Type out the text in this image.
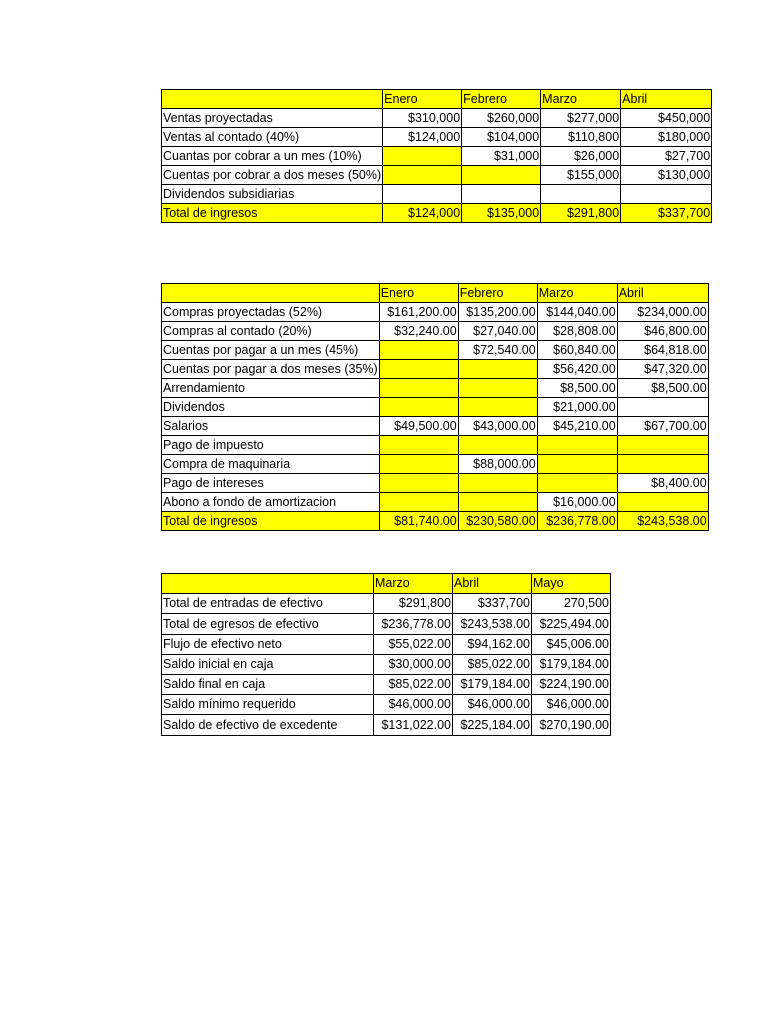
	Enero	Febrero	Marzo	Abril
Ventas proyectadas	$310,000	$260,000	$277,000	$450,000
Ventas al contado (40%)	$124,000	$104,000	$110,800	$180,000
Cuantas por cobrar a un mes (10%)		$31,000	$26,000	$27,700
Cuentas por cobrar a dos meses (50%)			$155,000	$130,000
Dividendos subsidiarias				
Total de ingresos	$124,000	$135,000	$291,800	$337,700
	Enero	Febrero	Marzo	Abril
Compras proyectadas (52%)	$161,200.00	$135,200.00	$144,040.00	$234,000.00
Compras al contado (20%)	$32,240.00	$27,040.00	$28,808.00	$46,800.00
Cuentas por pagar a un mes (45%)		$72,540.00	$60,840.00	$64,818.00
Cuentas por pagar a dos meses (35%)			$56,420.00	$47,320.00
Arrendamiento			$8,500.00	$8,500.00
Dividendos			$21,000.00	
Salarios	$49,500.00	$43,000.00	$45,210.00	$67,700.00
Pago de impuesto				
Compra de maquinaria		$88,000.00		
Pago de intereses				$8,400.00
Abono a fondo de amortizacion			$16,000.00	
Total de ingresos	$81,740.00	$230,580.00	$236,778.00	$243,538.00
	Marzo	Abril	Mayo
Total de entradas de efectivo	$291,800	$337,700	270,500
Total de egresos de efectivo	$236,778.00	$243,538.00	$225,494.00
Flujo de efectivo neto	$55,022.00	$94,162.00	$45,006.00
Saldo inicial en caja	$30,000.00	$85,022.00	$179,184.00
Saldo final en caja	$85,022.00	$179,184.00	$224,190.00
Saldo mínimo requerido	$46,000.00	$46,000.00	$46,000.00
Saldo de efectivo de excedente	$131,022.00	$225,184.00	$270,190.00
